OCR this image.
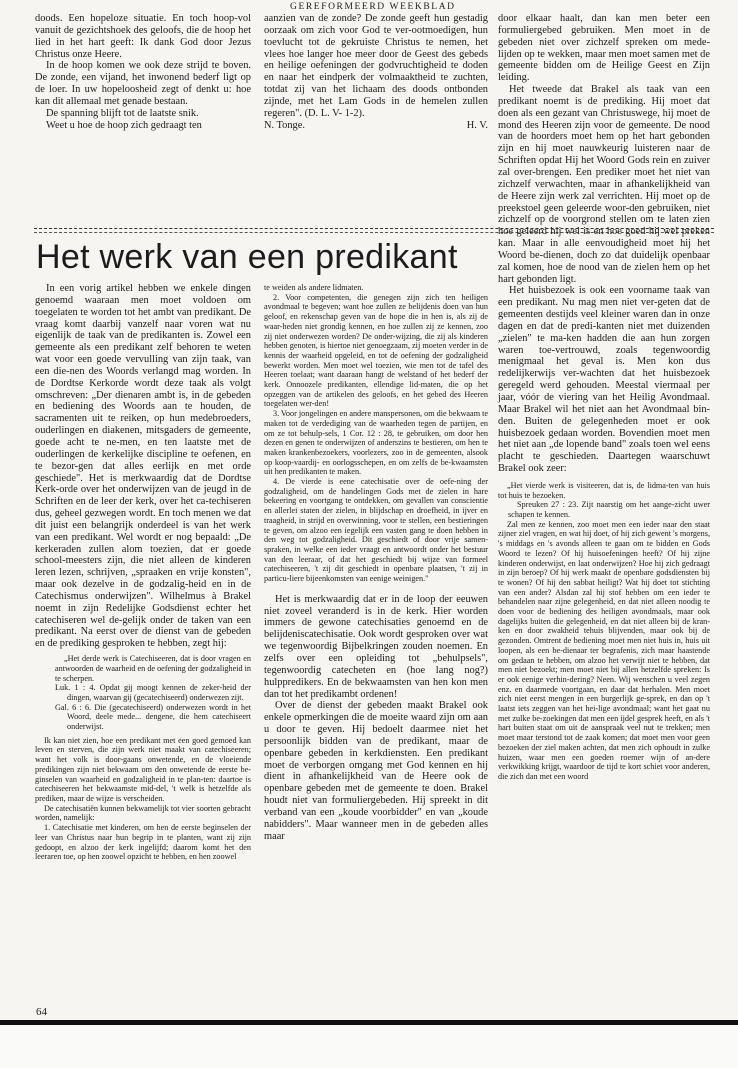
GEREFORMEERD WEEKBLAD

doods. Een hopeloze situatie. En toch hoop-vol vanuit de gezichtshoek des geloofs, die de hoop het lied in het hart geeft: Ik dank God door Jezus Christus onze Heere.

In de hoop komen we ook deze strijd te boven. De zonde, een vijand, het inwonend bederf ligt op de loer. In uw hopeloosheid zegt of denkt u: hoe kan dit allemaal met genade bestaan.

De spanning blijft tot de laatste snik.

Weet u hoe de hoop zich gedraagt ten

aanzien van de zonde? De zonde geeft hun gestadig oorzaak om zich voor God te ver-ootmoedigen, hun toevlucht tot de gekruiste Christus te nemen, het vlees hoe langer hoe meer door de Geest des gebeds en heilige oefeningen der godvruchtigheid te doden en naar het eindperk der volmaaktheid te zuchten, totdat zij van het lichaam des doods ontbonden zijnde, met het Lam Gods in de hemelen zullen regeren". (D. L. V- 1-2).

N. Tonge.	H. V.
Het werk van een predikant

In een vorig artikel hebben we enkele dingen genoemd waaraan men moet voldoen om toegelaten te worden tot het ambt van predikant. De vraag komt daarbij vanzelf naar voren wat nu eigenlijk de taak van de predikanten is. Zowel een gemeente als een predikant zelf behoren te weten wat voor een goede vervulling van zijn taak, van een die-nen des Woords verlangd mag worden. In de Dordtse Kerkorde wordt deze taak als volgt omschreven: „Der dienaren ambt is, in de gebeden en bediening des Woords aan te houden, de sacramenten uit te reiken, op hun medebroeders, ouderlingen en diakenen, mitsgaders de gemeente, goede acht te ne-men, en ten laatste met de ouderlingen de kerkelijke discipline te oefenen, en te bezor-gen dat alles eerlijk en met orde geschiede". Het is merkwaardig dat de Dordtse Kerk-orde over het onderwijzen van de jeugd in de Schriften en de leer der kerk, over het ca-techiseren dus, geheel gezwegen wordt. En toch menen we dat dit juist een belangrijk onderdeel is van het werk van een predikant. Wel wordt er nog bepaald: „De kerkeraden zullen alom toezien, dat er goede school-meesters zijn, die niet alleen de kinderen leren lezen, schrijven, „spraaken en vrije konsten", maar ook dezelve in de godzalig-heid en in de Catechismus onderwijzen". Wilhelmus à Brakel noemt in zijn Redelijke Godsdienst echter het catechiseren wel de-gelijk onder de taken van een predikant. Na eerst over de dienst van de gebeden en de prediking gesproken te hebben, zegt hij:

„Het derde werk is Catechiseeren, dat is door vragen en antwoorden de waarheid en de oefening der godzaligheid in te scherpen.

Luk. 1 : 4. Opdat gij moogt kennen de zeker-heid der dingen, waarvan gij (gecatechiseerd) onderwezen zijt.

Gal. 6 : 6. Die (gecatechiseerd) onderwezen wordt in het Woord, deele mede... dengene, die hem catechiseert onderwijst.

Ik kan niet zien, hoe een predikant met een goed gemoed kan leven en sterven, die zijn werk niet maakt van catechiseeren; want het volk is door-gaans onwetende, en de vloeiende predikingen zijn niet bekwaam om den onwetende de eerste be-ginselen van waarheid en godzaligheid in te plan-ten: daartoe is catechiseeren het bekwaamste mid-del, 't welk is hetzelfde als prediken, maar de wijze is verscheiden.

De catechisatiën kunnen bekwamelijk tot vier soorten gebracht worden, namelijk:

1. Catechisatie met kinderen, om hen de eerste beginselen der leer van Christus naar hun begrip in te planten, want zij zijn gedoopt, en alzoo der kerk ingelijfd; daarom komt het den leeraren toe, op hen zoowel opzicht te hebben, en hen zoowel

te weiden als andere lidmaten.

2. Voor competenten, die genegen zijn zich ten heiligen avondmaal te begeven; want hoe zullen ze belijdenis doen van hun geloof, en rekenschap geven van de hope die in hen is, als zij de waar-heden niet grondig kennen, en hoe zullen zij ze kennen, zoo zij niet onderwezen worden? De onder-wijzing, die zij als kinderen hebben genoten, is hiertoe niet genoegzaam, zij moeten verder in de kennis der waarheid opgeleid, en tot de oefening der godzaligheid bewerkt worden. Men moet wel toezien, wie men tot de tafel des Heeren toelaat; want daaraan hangt de welstand of het bederf der kerk. Onnoozele predikanten, ellendige lid-maten, die op het opzeggen van de artikelen des geloofs, en het gebed des Heeren toegelaten wer-den!

3. Voor jongelingen en andere manspersonen, om die bekwaam te maken tot de verdediging van de waarheden tegen de partijen, en om ze tot behulp-sels, 1 Cor. 12 : 28, te gebruiken, om door hen dezen en genen te onderwijzen of anderszins te bestieren, om hen te maken krankenbezoekers, voorlezers, zoo in de gemeenten, alsook op koop-vaardij- en oorlogsschepen, en om zelfs de be-kwaamsten uit hen predikanten te maken.

4. De vierde is eene catechisatie over de oefe-ning der godzaligheid, om de handelingen Gods met de zielen in hare bekeering en voortgang te ontdekken, om gevallen van conscientie en allerlei staten der zielen, in blijdschap en droefheid, in ijver en traagheid, in strijd en overwinning, voor te stellen, een bestieringen te geven, om alzoo een iegelijk een vasten gang te doen hebben in den weg tot godzaligheid. Dit geschiedt of door vrije samen-spraken, in welke een ieder vraagt en antwoordt onder het bestuur van den leeraar, of dat het geschiedt bij wijze van formeel catechiseeren, 't zij dit geschiedt in openbare plaatsen, 't zij in particu-liere bijeenkomsten van eenige weinigen."

Het is merkwaardig dat er in de loop der eeuwen niet zoveel veranderd is in de kerk. Hier worden immers de gewone catechisaties genoemd en de belijdeniscatechisatie. Ook wordt gesproken over wat we tegenwoordig Bijbelkringen zouden noemen. En zelfs over een opleiding tot „behulpsels", tegenwoordig catecheten en (hoe lang nog?) hulppredikers. En de bekwaamsten van hen kon men dan tot het predikambt ordenen!

Over de dienst der gebeden maakt Brakel ook enkele opmerkingen die de moeite waard zijn om aan u door te geven. Hij bedoelt daarmee niet het persoonlijk bidden van de predikant, maar de openbare gebeden in kerkdiensten. Een predikant moet de verborgen omgang met God kennen en hij dient in afhankelijkheid van de Heere ook de openbare gebeden met de gemeente te doen. Brakel houdt niet van formuliergebeden. Hij spreekt in dit verband van een „koude voorbidder" en van „koude nabidders". Maar wanneer men in de gebeden alles maar

door elkaar haalt, dan kan men beter een formuliergebed gebruiken. Men moet in de gebeden niet over zichzelf spreken om mede-lijden op te wekken, maar men moet samen met de gemeente bidden om de Heilige Geest en Zijn leiding.

Het tweede dat Brakel als taak van een predikant noemt is de prediking. Hij moet dat doen als een gezant van Christuswege, hij moet de mond des Heeren zijn voor de gemeente. De nood van de hoorders moet hem op het hart gebonden zijn en hij moet nauwkeurig luisteren naar de Schriften opdat Hij het Woord Gods rein en zuiver zal over-brengen. Een prediker moet het niet van zichzelf verwachten, maar in afhankelijkheid van de Heere zijn werk zal verrichten. Hij moet op de preekstoel geen geleerde woor-den gebruiken, niet zichzelf op de voorgrond stellen om te laten zien hoe geleerd hij wel is en hoe goed hij wel preken kan. Maar in alle eenvoudigheid moet hij het Woord be-dienen, doch zo dat duidelijk openbaar zal komen, hoe de nood van de zielen hem op het hart gebonden ligt.

Het huisbezoek is ook een voorname taak van een predikant. Nu mag men niet ver-geten dat de gemeenten destijds veel kleiner waren dan in onze dagen en dat de predi-kanten niet met duizenden „zielen" te ma-ken hadden die aan hun zorgen waren toe-vertrouwd, zoals tegenwoordig menigmaal het geval is. Men kon dus redelijkerwijs ver-wachten dat het huisbezoek geregeld werd gehouden. Meestal viermaal per jaar, vóór de viering van het Heilig Avondmaal. Maar Brakel wil het niet aan het Avondmaal bin-den. Buiten de gelegenheden moet er ook huisbezoek gedaan worden. Bovendien moet men het niet aan „de lopende band" zoals toen wel eens placht te geschieden. Daartegen waarschuwt Brakel ook zeer:

„Het vierde werk is visiteeren, dat is, de lidma-ten van huis tot huis te bezoeken.

Spreuken 27 : 23. Zijt naarstig om het aange-zicht uwer schapen te kennen.

Zal men ze kennen, zoo moet men een ieder naar den staat zijner ziel vragen, en wat hij doet, of hij zich gewent 's morgens, 's middags en 's avonds alleen te gaan om te bidden en Gods Woord te lezen? Of hij huisoefeningen heeft? Of hij zijne kinderen onderwijst, en laat onderwijzen? Hoe hij zich gedraagt in zijn beroep? Of hij werk maakt de openbare godsdiensten bij te wonen? Of hij den sabbat heiligt? Wat hij doet tot stichting van een ander? Alsdan zal hij stof hebben om een ieder te behandelen naar zijne gelegenheid, en dat niet alleen noodig te doen voor de bediening des heiligen avondmaals, maar ook dagelijks buiten die gelegenheid, en dat niet alleen bij de kran-ken en door zwakheid tehuis blijvenden, maar ook bij de gezonden. Omtrent de bediening moet men niet huis in, huis uit loopen, als een be-dienaar ter begrafenis, zich maar haastende om gedaan te hebben, om alzoo het verwijt niet te hebben, dat men niet bezoekt; men moet niet bij allen hetzelfde spreken: Is er ook eenige verhin-dering? Neen. Wij wenschen u veel zegen enz. en daarmede voortgaan, en daar dat herhalen. Men moet zich niet eerst mengen in een burgerlijk ge-sprek, en dan op 't laatst iets zeggen van het hei-lige avondmaal; want het gaat nu met zulke be-zoekingen dat men een ijdel gesprek heeft, en als 't hart buiten staat om uit de aanspraak veel nut te trekken; men moet maar terstond tot de zaak komen; dat moet men voor geen bezoeken der ziel maken achten, dat men zich ophoudt in zulke huizen, waar men een goeden roemer wijn of an-dere verkwikking krijgt, waardoor de tijd te kort schiet voor anderen, die zich dan met een woord

64
